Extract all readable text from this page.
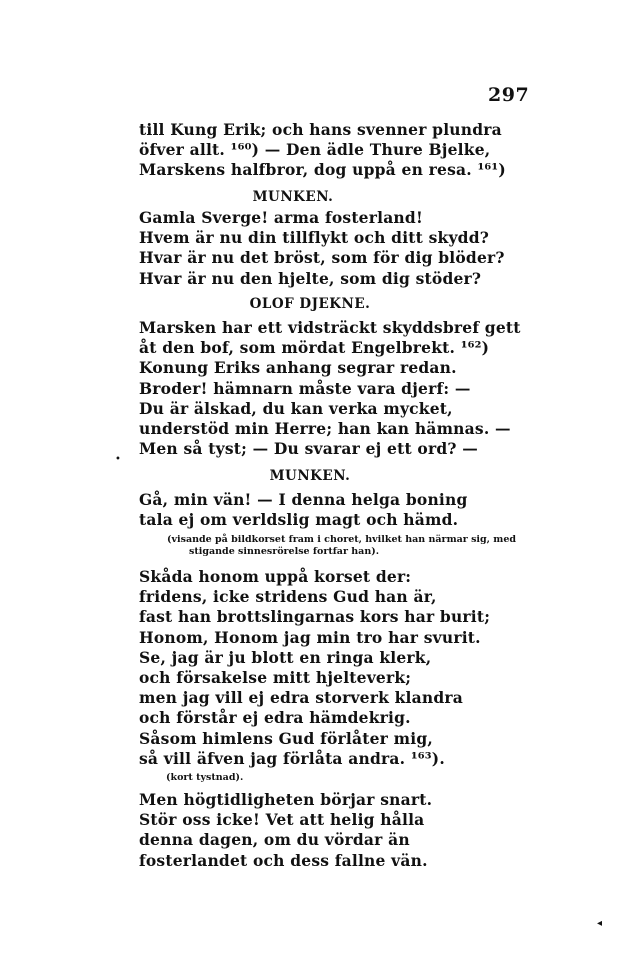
297
till Kung Erik; och hans svenner plundra
öfver allt. ¹⁶⁰) — Den ädle Thure Bjelke,
Marskens halfbror, dog uppå en resa. ¹⁶¹)
MUNKEN.
Gamla Sverge! arma fosterland!
Hvem är nu din tillflykt och ditt skydd?
Hvar är nu det bröst, som för dig blöder?
Hvar är nu den hjelte, som dig stöder?
OLOF DJEKNE.
Marsken har ett vidsträckt skyddsbref gett
åt den bof, som mördat Engelbrekt. ¹⁶²)
Konung Eriks anhang segrar redan.
Broder! hämnarn måste vara djerf: —
Du är älskad, du kan verka mycket,
understöd min Herre; han kan hämnas. —
Men så tyst; — Du svarar ej ett ord? —
MUNKEN.
Gå, min vän! — I denna helga boning
tala ej om verldslig magt och hämd.
(visande på bildkorset fram i choret, hvilket han närmar sig, med
stigande sinnesrörelse fortfar han).
Skåda honom uppå korset der:
fridens, icke stridens Gud han är,
fast han brottslingarnas kors har burit;
Honom, Honom jag min tro har svurit.
Se, jag är ju blott en ringa klerk,
och försakelse mitt hjelteverk;
men jag vill ej edra storverk klandra
och förstår ej edra hämdekrig.
Såsom himlens Gud förlåter mig,
så vill äfven jag förlåta andra. ¹⁶³).
(kort tystnad).
Men högtidligheten börjar snart.
Stör oss icke! Vet att helig hålla
denna dagen, om du vördar än
fosterlandet och dess fallne vän.
•
◂
